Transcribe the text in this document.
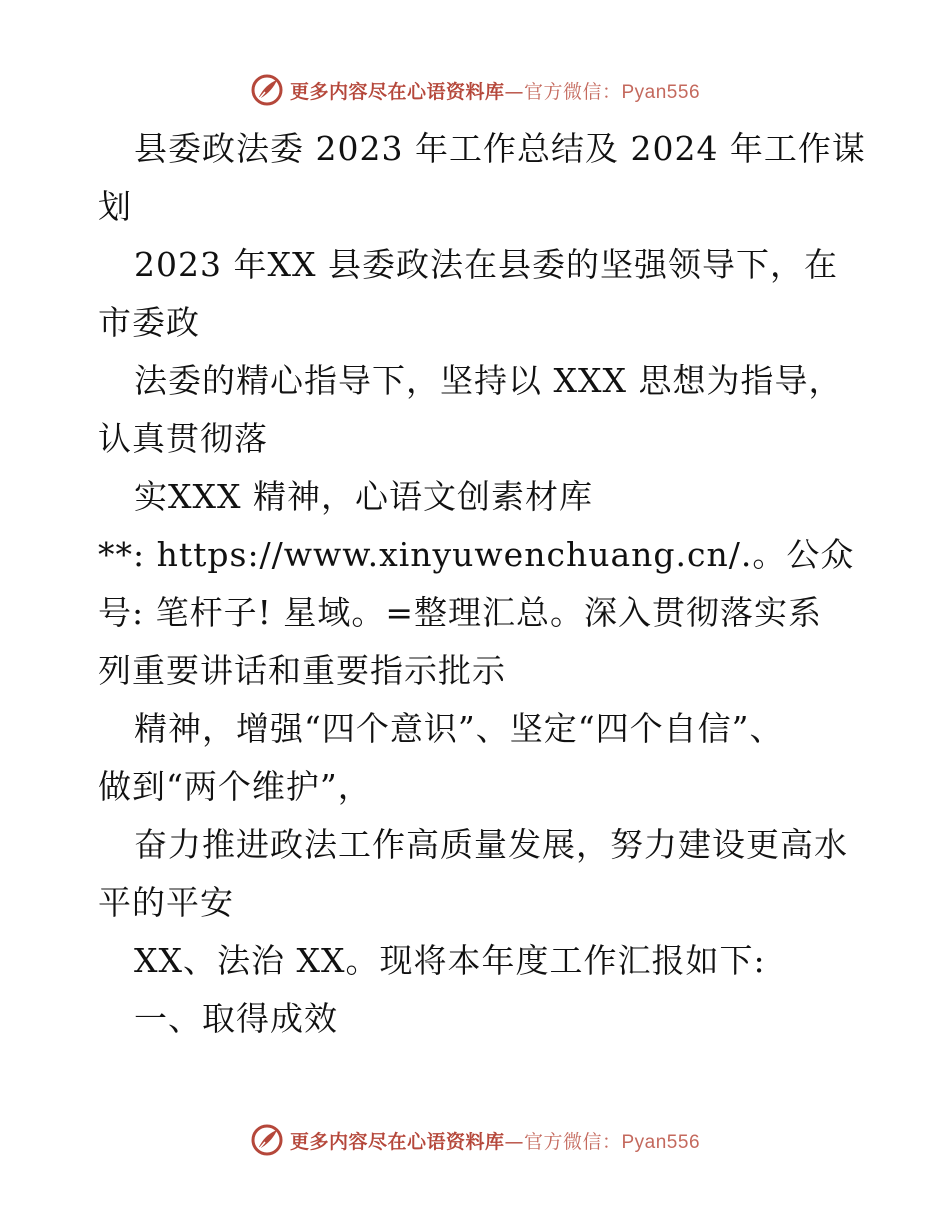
更多内容尽在心语资料库—官方微信：Pyan556
县委政法委 2023 年工作总结及 2024 年工作谋
划
2023 年XX 县委政法在县委的坚强领导下，在
市委政
法委的精心指导下，坚持以 XXX 思想为指导，
认真贯彻落
实XXX 精神，心语文创素材库
**: https://www.xinyuwenchuang.cn/.。公众
号: 笔杆子! 星域。=整理汇总。深入贯彻落实系
列重要讲话和重要指示批示
精神，增强“四个意识”、坚定“四个自信”、
做到“两个维护”，
奋力推进政法工作高质量发展，努力建设更高水
平的平安
XX、法治 XX。现将本年度工作汇报如下:
一、取得成效
更多内容尽在心语资料库—官方微信：Pyan556
